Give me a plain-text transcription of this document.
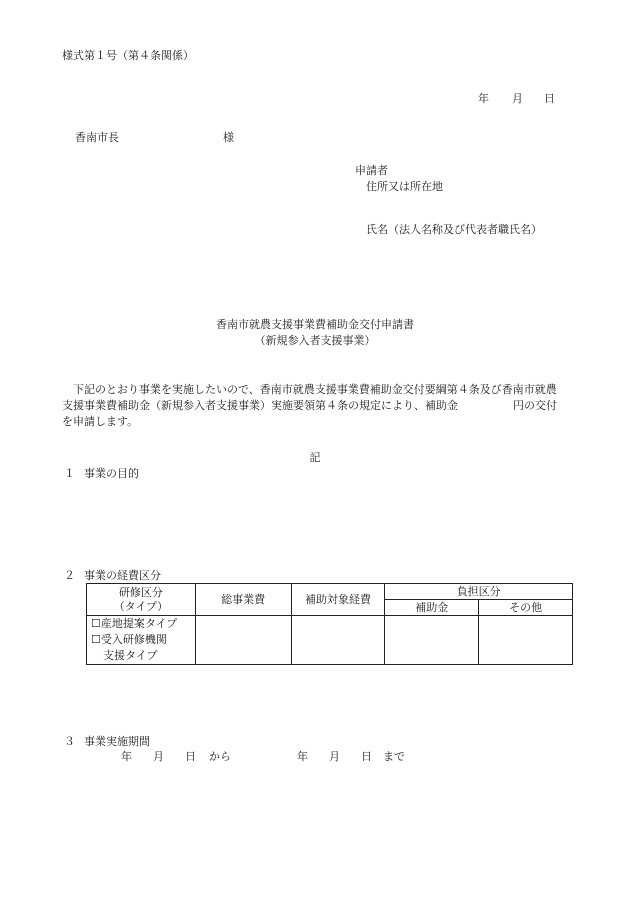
様式第１号（第４条関係）
年 月 日
香南市長	様
申請者
住所又は所在地
氏名（法人名称及び代表者職氏名）
香南市就農支援事業費補助金交付申請書
（新規参入者支援事業）
　下記のとおり事業を実施したいので、香南市就農支援事業費補助金交付要綱第４条及び香南市就農
支援事業費補助金（新規参入者支援事業）実施要領第４条の規定により、補助金　　　　　円の交付
を申請します。
記
１ 事業の目的
２ 事業の経費区分
研修区分
（タイプ）	総事業費	補助対象経費	負担区分	
			補助金	その他

☐産地提案タイプ
☐受入研修機関
支援タイプ				

３ 事業実施期間
年 月 日 から	年 月 日 まで
